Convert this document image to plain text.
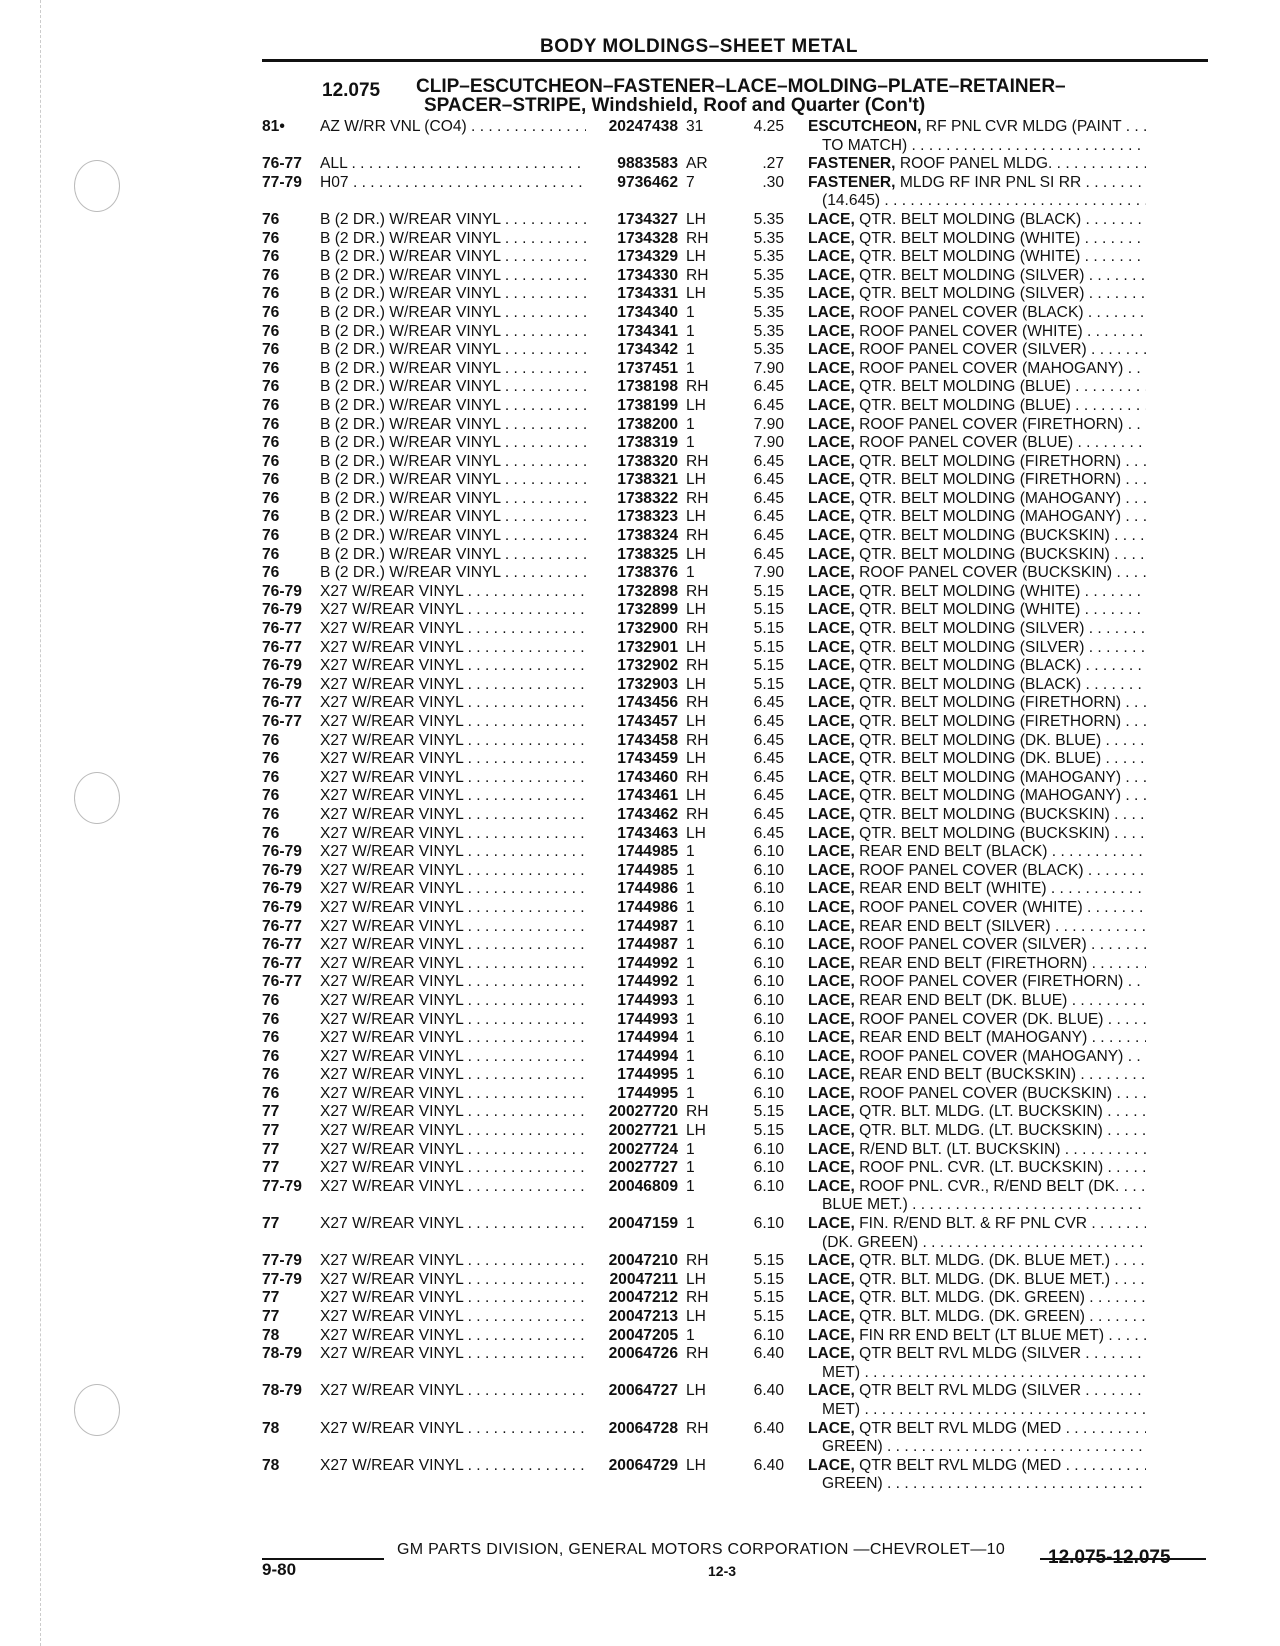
BODY MOLDINGS–SHEET METAL
12.075 CLIP–ESCUTCHEON–FASTENER–LACE–MOLDING–PLATE–RETAINER–
SPACER–STRIPE, Windshield, Roof and Quarter (Con't)
81•	AZ W/RR VNL (CO4) . . .	20247438 31	4.25 ESCUTCHEON, RF PNL CVR MLDG (PAINT . . .
TO MATCH) . . .
76-77	ALL . . .	9883583 AR	.27 FASTENER, ROOF PANEL MLDG. . . .
77-79	H07 . . .	9736462 7	.30 FASTENER, MLDG RF INR PNL SI RR . . .
(14.645) . . .
76	B (2 DR.) W/REAR VINYL . . .	1734327 LH	5.35 LACE, QTR. BELT MOLDING (BLACK) . . .
76	B (2 DR.) W/REAR VINYL . . .	1734328 RH	5.35 LACE, QTR. BELT MOLDING (WHITE) . . .
76	B (2 DR.) W/REAR VINYL . . .	1734329 LH	5.35 LACE, QTR. BELT MOLDING (WHITE) . . .
76	B (2 DR.) W/REAR VINYL . . .	1734330 RH	5.35 LACE, QTR. BELT MOLDING (SILVER) . . .
76	B (2 DR.) W/REAR VINYL . . .	1734331 LH	5.35 LACE, QTR. BELT MOLDING (SILVER) . . .
76	B (2 DR.) W/REAR VINYL . . .	1734340 1	5.35 LACE, ROOF PANEL COVER (BLACK) . . .
76	B (2 DR.) W/REAR VINYL . . .	1734341 1	5.35 LACE, ROOF PANEL COVER (WHITE) . . .
76	B (2 DR.) W/REAR VINYL . . .	1734342 1	5.35 LACE, ROOF PANEL COVER (SILVER) . . .
76	B (2 DR.) W/REAR VINYL . . .	1737451 1	7.90 LACE, ROOF PANEL COVER (MAHOGANY) . . .
76	B (2 DR.) W/REAR VINYL . . .	1738198 RH	6.45 LACE, QTR. BELT MOLDING (BLUE) . . .
76	B (2 DR.) W/REAR VINYL . . .	1738199 LH	6.45 LACE, QTR. BELT MOLDING (BLUE) . . .
76	B (2 DR.) W/REAR VINYL . . .	1738200 1	7.90 LACE, ROOF PANEL COVER (FIRETHORN) . . .
76	B (2 DR.) W/REAR VINYL . . .	1738319 1	7.90 LACE, ROOF PANEL COVER (BLUE) . . .
76	B (2 DR.) W/REAR VINYL . . .	1738320 RH	6.45 LACE, QTR. BELT MOLDING (FIRETHORN) . . .
76	B (2 DR.) W/REAR VINYL . . .	1738321 LH	6.45 LACE, QTR. BELT MOLDING (FIRETHORN) . . .
76	B (2 DR.) W/REAR VINYL . . .	1738322 RH	6.45 LACE, QTR. BELT MOLDING (MAHOGANY) . . .
76	B (2 DR.) W/REAR VINYL . . .	1738323 LH	6.45 LACE, QTR. BELT MOLDING (MAHOGANY) . . .
76	B (2 DR.) W/REAR VINYL . . .	1738324 RH	6.45 LACE, QTR. BELT MOLDING (BUCKSKIN) . . .
76	B (2 DR.) W/REAR VINYL . . .	1738325 LH	6.45 LACE, QTR. BELT MOLDING (BUCKSKIN) . . .
76	B (2 DR.) W/REAR VINYL . . .	1738376 1	7.90 LACE, ROOF PANEL COVER (BUCKSKIN) . . .
76-79	X27 W/REAR VINYL . . .	1732898 RH	5.15 LACE, QTR. BELT MOLDING (WHITE) . . .
76-79	X27 W/REAR VINYL . . .	1732899 LH	5.15 LACE, QTR. BELT MOLDING (WHITE) . . .
76-77	X27 W/REAR VINYL . . .	1732900 RH	5.15 LACE, QTR. BELT MOLDING (SILVER) . . .
76-77	X27 W/REAR VINYL . . .	1732901 LH	5.15 LACE, QTR. BELT MOLDING (SILVER) . . .
76-79	X27 W/REAR VINYL . . .	1732902 RH	5.15 LACE, QTR. BELT MOLDING (BLACK) . . .
76-79	X27 W/REAR VINYL . . .	1732903 LH	5.15 LACE, QTR. BELT MOLDING (BLACK) . . .
76-77	X27 W/REAR VINYL . . .	1743456 RH	6.45 LACE, QTR. BELT MOLDING (FIRETHORN) . . .
76-77	X27 W/REAR VINYL . . .	1743457 LH	6.45 LACE, QTR. BELT MOLDING (FIRETHORN) . . .
76	X27 W/REAR VINYL . . .	1743458 RH	6.45 LACE, QTR. BELT MOLDING (DK. BLUE) . . .
76	X27 W/REAR VINYL . . .	1743459 LH	6.45 LACE, QTR. BELT MOLDING (DK. BLUE) . . .
76	X27 W/REAR VINYL . . .	1743460 RH	6.45 LACE, QTR. BELT MOLDING (MAHOGANY) . . .
76	X27 W/REAR VINYL . . .	1743461 LH	6.45 LACE, QTR. BELT MOLDING (MAHOGANY) . . .
76	X27 W/REAR VINYL . . .	1743462 RH	6.45 LACE, QTR. BELT MOLDING (BUCKSKIN) . . .
76	X27 W/REAR VINYL . . .	1743463 LH	6.45 LACE, QTR. BELT MOLDING (BUCKSKIN) . . .
76-79	X27 W/REAR VINYL . . .	1744985 1	6.10 LACE, REAR END BELT (BLACK) . . .
76-79	X27 W/REAR VINYL . . .	1744985 1	6.10 LACE, ROOF PANEL COVER (BLACK) . . .
76-79	X27 W/REAR VINYL . . .	1744986 1	6.10 LACE, REAR END BELT (WHITE) . . .
76-79	X27 W/REAR VINYL . . .	1744986 1	6.10 LACE, ROOF PANEL COVER (WHITE) . . .
76-77	X27 W/REAR VINYL . . .	1744987 1	6.10 LACE, REAR END BELT (SILVER) . . .
76-77	X27 W/REAR VINYL . . .	1744987 1	6.10 LACE, ROOF PANEL COVER (SILVER) . . .
76-77	X27 W/REAR VINYL . . .	1744992 1	6.10 LACE, REAR END BELT (FIRETHORN) . . .
76-77	X27 W/REAR VINYL . . .	1744992 1	6.10 LACE, ROOF PANEL COVER (FIRETHORN) . . .
76	X27 W/REAR VINYL . . .	1744993 1	6.10 LACE, REAR END BELT (DK. BLUE) . . .
76	X27 W/REAR VINYL . . .	1744993 1	6.10 LACE, ROOF PANEL COVER (DK. BLUE) . . .
76	X27 W/REAR VINYL . . .	1744994 1	6.10 LACE, REAR END BELT (MAHOGANY) . . .
76	X27 W/REAR VINYL . . .	1744994 1	6.10 LACE, ROOF PANEL COVER (MAHOGANY) . . .
76	X27 W/REAR VINYL . . .	1744995 1	6.10 LACE, REAR END BELT (BUCKSKIN) . . .
76	X27 W/REAR VINYL . . .	1744995 1	6.10 LACE, ROOF PANEL COVER (BUCKSKIN) . . .
77	X27 W/REAR VINYL . . .	20027720 RH	5.15 LACE, QTR. BLT. MLDG. (LT. BUCKSKIN) . . .
77	X27 W/REAR VINYL . . .	20027721 LH	5.15 LACE, QTR. BLT. MLDG. (LT. BUCKSKIN) . . .
77	X27 W/REAR VINYL . . .	20027724 1	6.10 LACE, R/END BLT. (LT. BUCKSKIN) . . .
77	X27 W/REAR VINYL . . .	20027727 1	6.10 LACE, ROOF PNL. CVR. (LT. BUCKSKIN) . . .
77-79	X27 W/REAR VINYL . . .	20046809 1	6.10 LACE, ROOF PNL. CVR., R/END BELT (DK. . . .
BLUE MET.) . . .
77	X27 W/REAR VINYL . . .	20047159 1	6.10 LACE, FIN. R/END BLT. & RF PNL CVR . . .
(DK. GREEN) . . .
77-79	X27 W/REAR VINYL . . .	20047210 RH	5.15 LACE, QTR. BLT. MLDG. (DK. BLUE MET.) . . .
77-79	X27 W/REAR VINYL . . .	20047211 LH	5.15 LACE, QTR. BLT. MLDG. (DK. BLUE MET.) . . .
77	X27 W/REAR VINYL . . .	20047212 RH	5.15 LACE, QTR. BLT. MLDG. (DK. GREEN) . . .
77	X27 W/REAR VINYL . . .	20047213 LH	5.15 LACE, QTR. BLT. MLDG. (DK. GREEN) . . .
78	X27 W/REAR VINYL . . .	20047205 1	6.10 LACE, FIN RR END BELT (LT BLUE MET) . . .
78-79	X27 W/REAR VINYL . . .	20064726 RH	6.40 LACE, QTR BELT RVL MLDG (SILVER . . .
MET) . . .
78-79	X27 W/REAR VINYL . . .	20064727 LH	6.40 LACE, QTR BELT RVL MLDG (SILVER . . .
MET) . . .
78	X27 W/REAR VINYL . . .	20064728 RH	6.40 LACE, QTR BELT RVL MLDG (MED . . .
GREEN) . . .
78	X27 W/REAR VINYL . . .	20064729 LH	6.40 LACE, QTR BELT RVL MLDG (MED . . .
GREEN) . . .
GM PARTS DIVISION, GENERAL MOTORS CORPORATION —CHEVROLET—10
9-80	12-3
12.075-12.075
